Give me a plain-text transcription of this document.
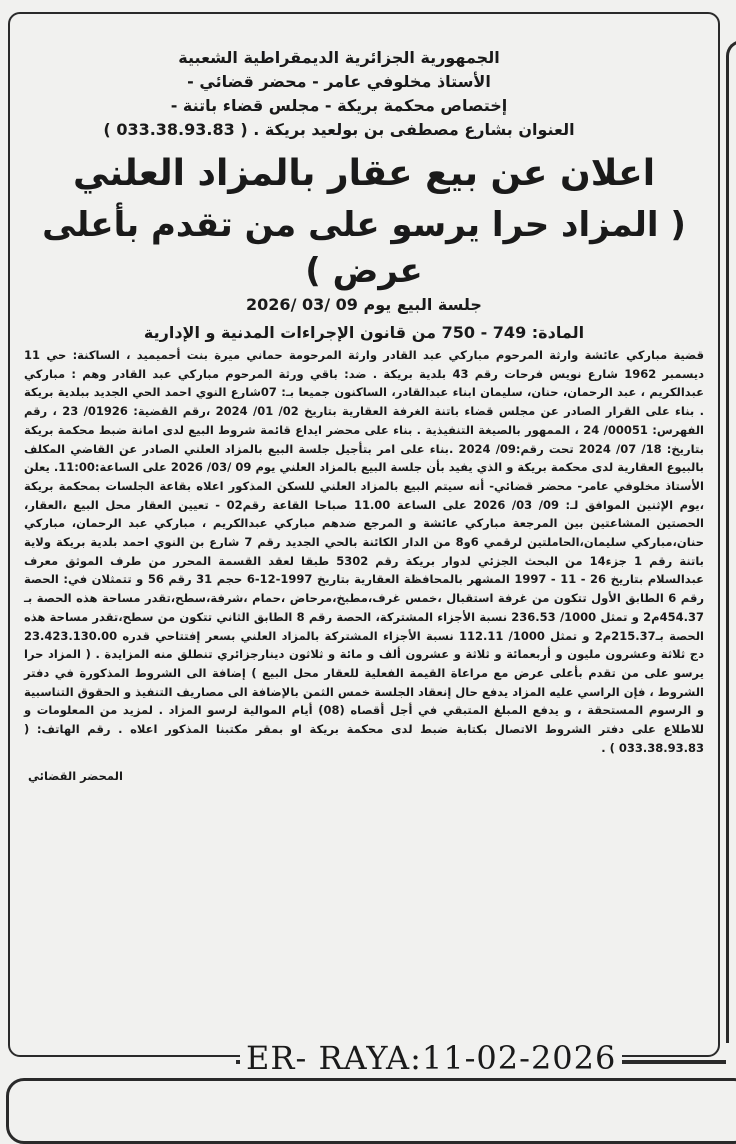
الجمهورية الجزائرية الديمقراطية الشعبية
الأستاذ مخلوفي عامر - محضر قضائي -
إختصاص محكمة بريكة - مجلس قضاء باتنة -
العنوان بشارع مصطفى بن بولعيد بريكة . ( 033.38.93.83 )
اعلان عن بيع عقار بالمزاد العلني
( المزاد حرا يرسو على من تقدم بأعلى عرض )
جلسة البيع يوم 09 /03 /2026
المادة: 749 - 750 من قانون الإجراءات المدنية و الإدارية

قضية مباركي عائشة وارثة المرحوم مباركي عبد القادر وارثة المرحومة حماني ميرة بنت أحميميد ، الساكنة: حي 11 ديسمبر 1962 شارع نويس فرحات رقم 43 بلدية بريكة . ضد: باقي ورثة المرحوم مباركي عبد القادر وهم : مباركي عبدالكريم ، عبد الرحمان، حنان، سليمان ابناء عبدالقادر، الساكنون جميعا بـ: 07شارع النوي احمد الحي الجديد ببلدية بريكة . بناء على القرار الصادر عن مجلس قضاء باتنة الغرفة العقارية بتاريخ 02/ 01/ 2024 ،رقم القضية: 01926/ 23 ، رقم الفهرس: 00051/ 24 ، الممهور بالصيغة التنفيذية . بناء على محضر ايداع قائمة شروط البيع لدى امانة ضبط محكمة بريكة بتاريخ: 18/ 07/ 2024 تحت رقم:09/ 2024 .بناء على امر بتأجيل جلسة البيع بالمزاد العلني الصادر عن القاضي المكلف بالبيوع العقارية لدى محكمة بريكة و الذي يفيد بأن جلسة البيع بالمزاد العلني يوم 09 /03/ 2026 على الساعة:11:00. يعلن الأستاذ مخلوفي عامر- محضر قضائي- أنه سيتم البيع بالمزاد العلني للسكن المذكور اعلاه بقاعة الجلسات بمحكمة بريكة ،يوم الإثنين الموافق لـ: 09/ 03/ 2026 على الساعة 11.00 صباحا القاعة رقم02 - تعيين العقار محل البيع ،العقار، الحصتين المشاعتين بين المرجعة مباركي عائشة و المرجع ضدهم مباركي عبدالكريم ، مباركي عبد الرحمان، مباركي حنان،مباركي سليمان،الحاملتين لرقمي 6و8 من الدار الكائنة بالحي الجديد رقم 7 شارع بن النوي احمد بلدية بريكة ولاية باتنة رقم 1 جزء14 من البحث الجزئي لدوار بريكة رقم 5302 طبقا لعقد القسمة المحرر من طرف الموثق معرف عبدالسلام بتاريخ 26 - 11 - 1997 المشهر بالمحافظة العقارية بتاريخ 1997-12-6 حجم 31 رقم 56 و تتمثلان في: الحصة رقم 6 الطابق الأول تتكون من غرفة استقبال ،خمس غرف،مطبخ،مرحاض ،حمام ،شرفة،سطح،تقدر مساحة هذه الحصة بـ 454.37م2 و تمثل 1000/ 236.53 نسبة الأجزاء المشتركة، الحصة رقم 8 الطابق الثاني تتكون من سطح،تقدر مساحة هذه الحصة بـ215.37م2 و تمثل 1000/ 112.11 نسبة الأجزاء المشتركة بالمزاد العلني بسعر إفتتاحي قدره 23.423.130.00 دج ثلاثة وعشرون مليون و أربعمائة و ثلاثة و عشرون ألف و مائة و ثلاثون دينارجزائري تنطلق منه المزايدة . ( المزاد حرا يرسو على من تقدم بأعلى عرض مع مراعاة القيمة الفعلية للعقار محل البيع ) إضافة الى الشروط المذكورة في دفتر الشروط ، فإن الراسي عليه المزاد يدفع حال إنعقاد الجلسة خمس الثمن بالإضافة الى مصاريف التنفيذ و الحقوق التناسبية و الرسوم المستحقة ، و يدفع المبلغ المتبقي في أجل أقصاه (08) أيام الموالية لرسو المزاد . لمزيد من المعلومات و للاطلاع على دفتر الشروط الاتصال بكتابة ضبط لدى محكمة بريكة او بمقر مكتبنا المذكور اعلاه . رقم الهاتف: ( 033.38.93.83 ) .

المحضر القضائي
ER- RAYA:11-02-2026
